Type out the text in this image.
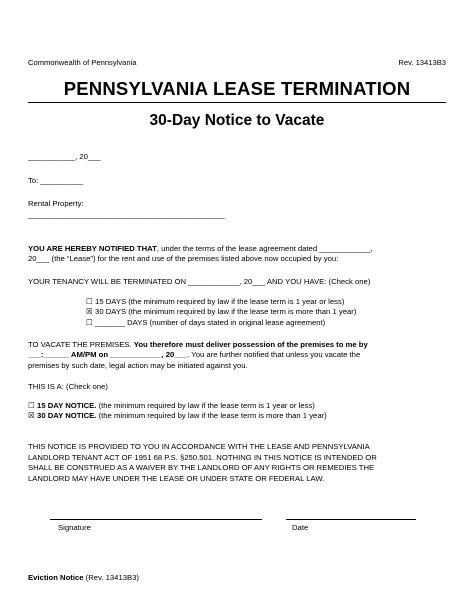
Commonwealth of Pennsylvania	Rev. 13413B3
PENNSYLVANIA LEASE TERMINATION
30-Day Notice to Vacate
___________, 20___
To: __________
Rental Property:
______________________________________________
YOU ARE HEREBY NOTIFIED THAT, under the terms of the lease agreement dated ____________,
20___ (the “Lease”) for the rent and use of the premises listed above now occupied by you:
YOUR TENANCY WILL BE TERMINATED ON ____________, 20___ AND YOU HAVE: (Check one)
☐ 15 DAYS (the minimum required by law if the lease term is 1 year or less)
☒ 30 DAYS (the minimum required by law if the lease term is more than 1 year)
☐ _______ DAYS (number of days stated in original lease agreement)
TO VACATE THE PREMISES. You therefore must deliver possession of the premises to me by
___:______ AM/PM on ____________, 20___. You are further notified that unless you vacate the
premises by such date, legal action may be initiated against you.
THIS IS A: (Check one)
☐ 15 DAY NOTICE. (the minimum required by law if the lease term is 1 year or less)
☒ 30 DAY NOTICE. (the minimum required by law if the lease term is more than 1 year)
THIS NOTICE IS PROVIDED TO YOU IN ACCORDANCE WITH THE LEASE AND PENNSYLVANIA
LANDLORD TENANT ACT OF 1951 68 P.S. §250.501. NOTHING IN THIS NOTICE IS INTENDED OR
SHALL BE CONSTRUED AS A WAIVER BY THE LANDLORD OF ANY RIGHTS OR REMEDIES THE
LANDLORD MAY HAVE UNDER THE LEASE OR UNDER STATE OR FEDERAL LAW.
Signature	Date
Eviction Notice (Rev. 13413B3)
